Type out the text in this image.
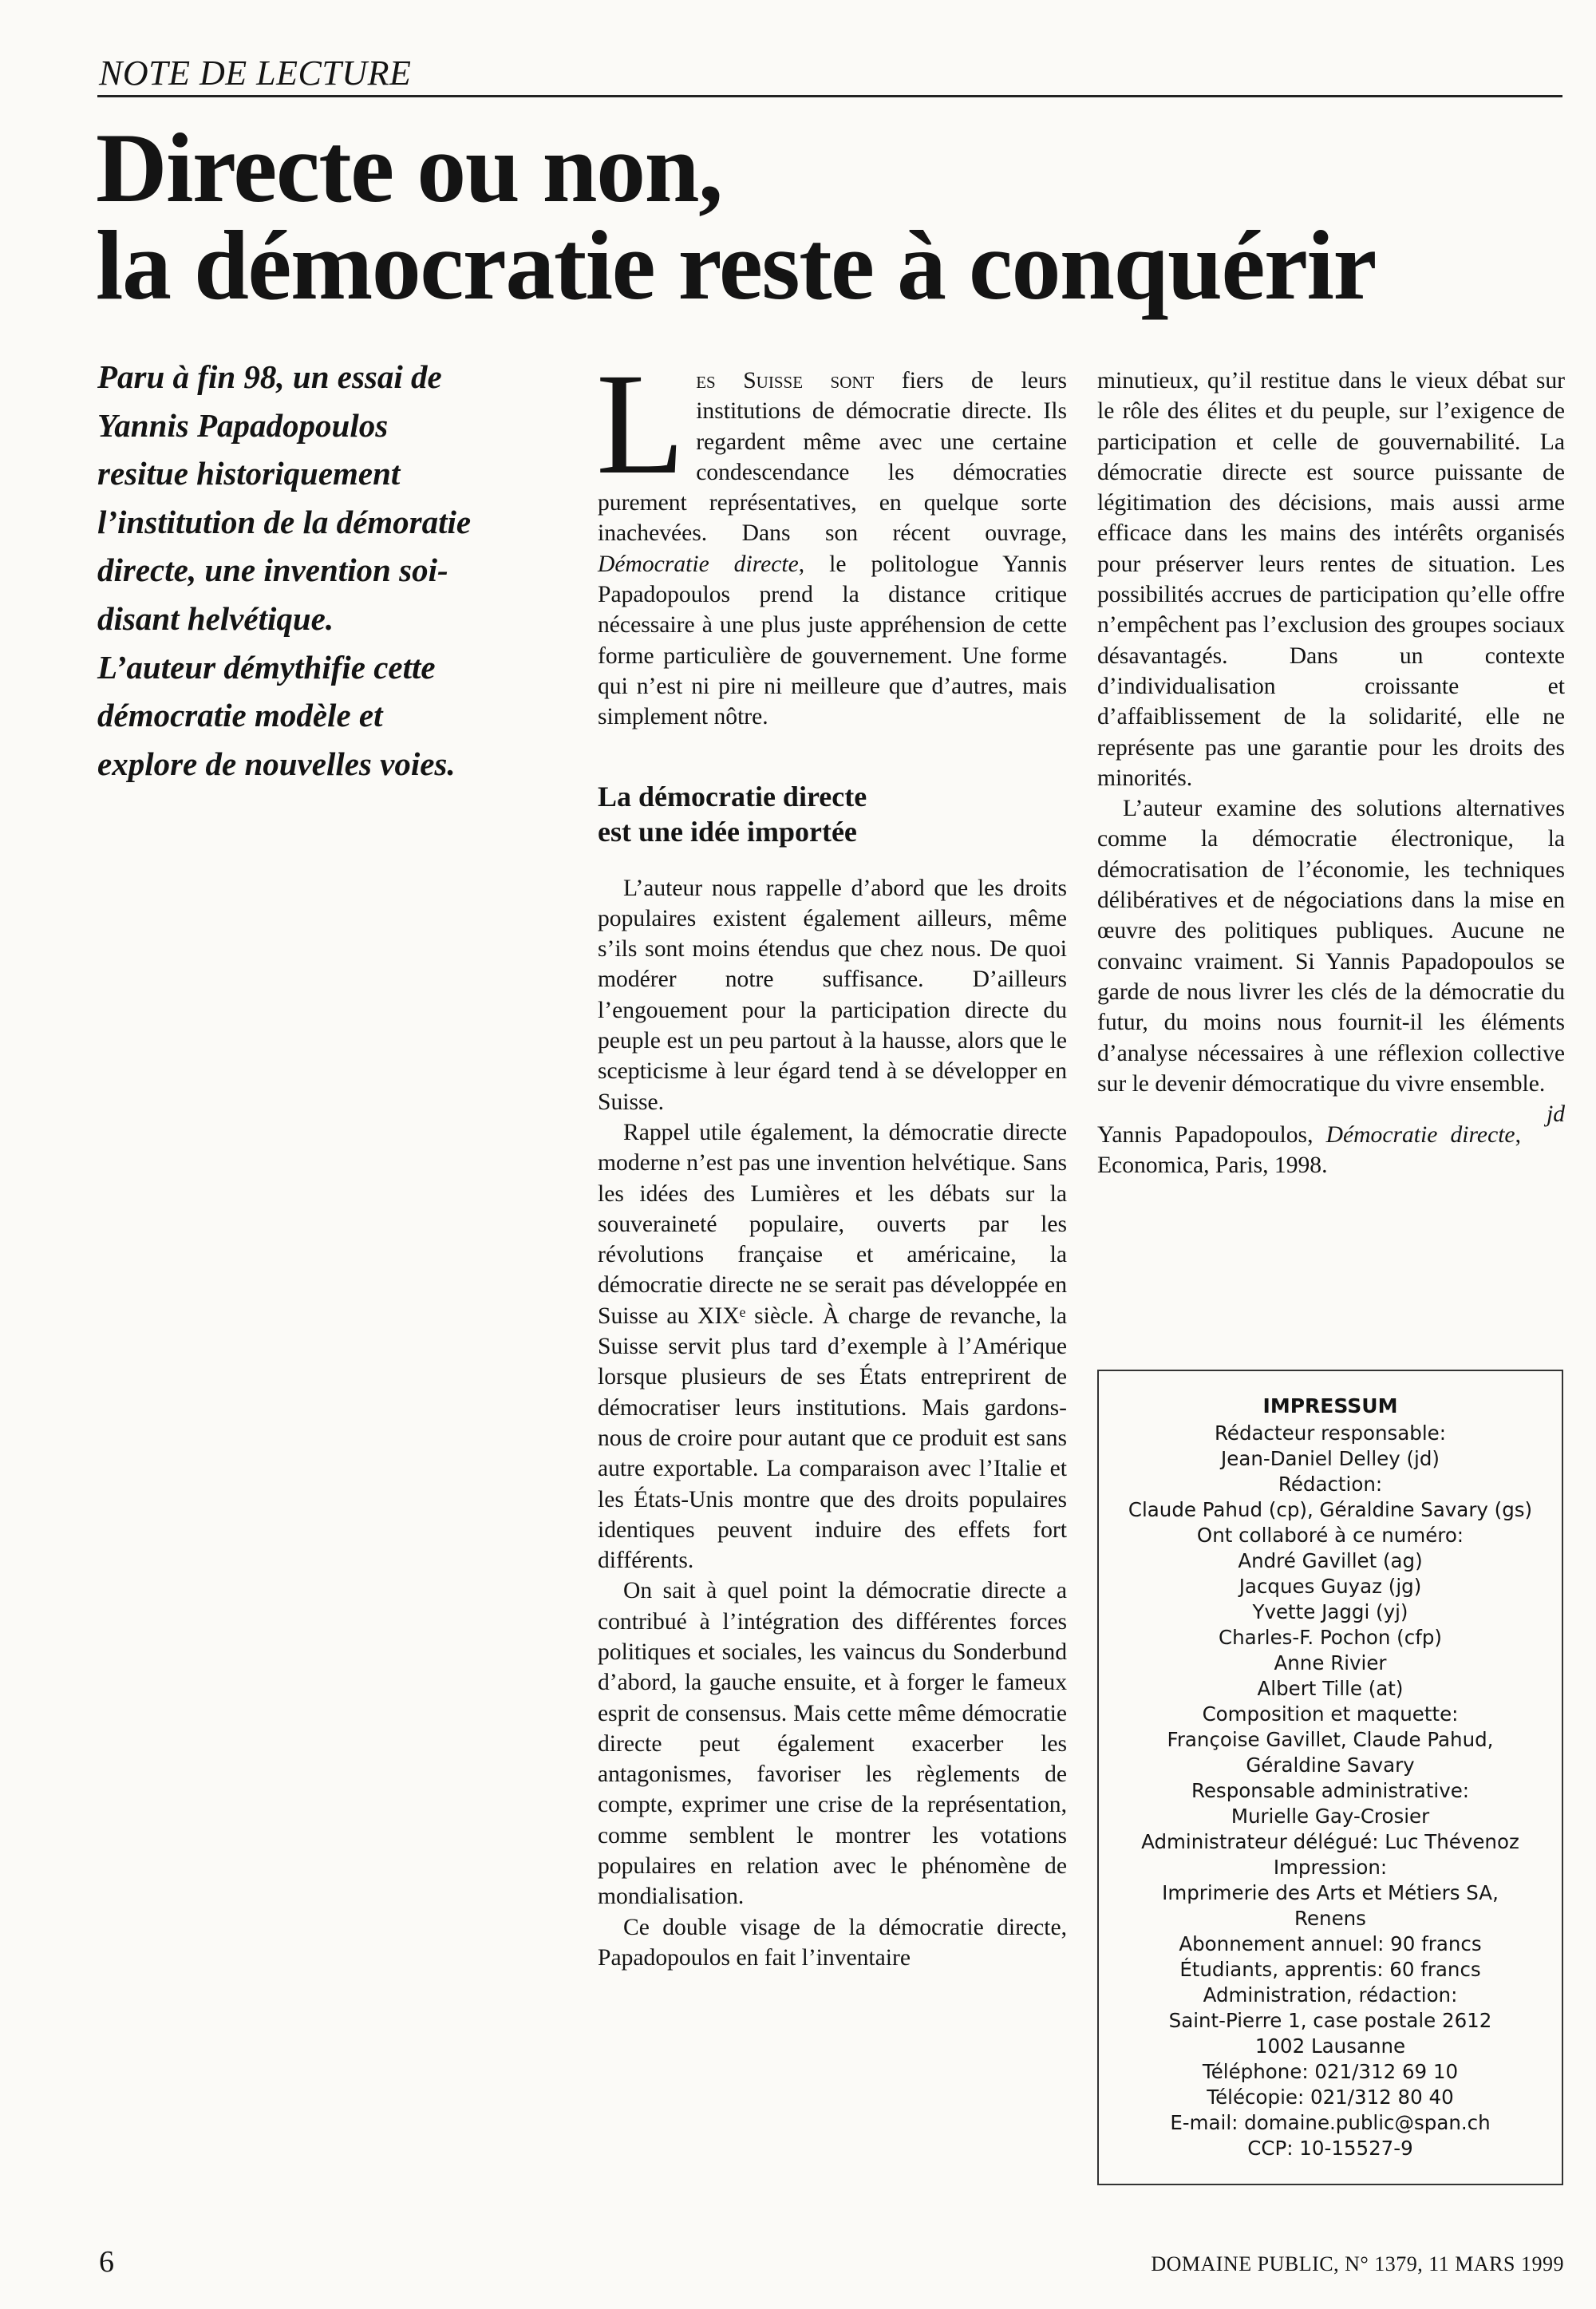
NOTE DE LECTURE
Directe ou non,
la démocratie reste à conquérir
Paru à fin 98, un essai de
Yannis Papadopoulos
resitue historiquement
l’institution de la démoratie
directe, une invention soi-
disant helvétique.
L’auteur démythifie cette
démocratie modèle et
explore de nouvelles voies.

Les Suisse sont fiers de leurs institutions de démocratie directe. Ils regardent même avec une certaine condescendance les démocraties purement représentatives, en quelque sorte inachevées. Dans son récent ouvrage, Démocratie directe, le politologue Yannis Papadopoulos prend la distance critique nécessaire à une plus juste appréhension de cette forme particulière de gouvernement. Une forme qui n’est ni pire ni meilleure que d’autres, mais simplement nôtre.

La démocratie directe
est une idée importée

L’auteur nous rappelle d’abord que les droits populaires existent également ailleurs, même s’ils sont moins étendus que chez nous. De quoi modérer notre suffisance. D’ailleurs l’engouement pour la participation directe du peuple est un peu partout à la hausse, alors que le scepticisme à leur égard tend à se développer en Suisse.

Rappel utile également, la démocratie directe moderne n’est pas une invention helvétique. Sans les idées des Lumières et les débats sur la souveraineté populaire, ouverts par les révolutions française et américaine, la démocratie directe ne se serait pas développée en Suisse au XIXᵉ siècle. À charge de revanche, la Suisse servit plus tard d’exemple à l’Amérique lorsque plusieurs de ses États entreprirent de démocratiser leurs institutions. Mais gardons-nous de croire pour autant que ce produit est sans autre exportable. La comparaison avec l’Italie et les États-Unis montre que des droits populaires identiques peuvent induire des effets fort différents.

On sait à quel point la démocratie directe a contribué à l’intégration des différentes forces politiques et sociales, les vaincus du Sonderbund d’abord, la gauche ensuite, et à forger le fameux esprit de consensus. Mais cette même démocratie directe peut également exacerber les antagonismes, favoriser les règlements de compte, exprimer une crise de la représentation, comme semblent le montrer les votations populaires en relation avec le phénomène de mondialisation.

Ce double visage de la démocratie directe, Papadopoulos en fait l’inventaire

minutieux, qu’il restitue dans le vieux débat sur le rôle des élites et du peuple, sur l’exigence de participation et celle de gouvernabilité. La démocratie directe est source puissante de légitimation des décisions, mais aussi arme efficace dans les mains des intérêts organisés pour préserver leurs rentes de situation. Les possibilités accrues de participation qu’elle offre n’empêchent pas l’exclusion des groupes sociaux désavantagés. Dans un contexte d’individualisation croissante et d’affaiblissement de la solidarité, elle ne représente pas une garantie pour les droits des minorités.

L’auteur examine des solutions alternatives comme la démocratie électronique, la démocratisation de l’économie, les techniques délibératives et de négociations dans la mise en œuvre des politiques publiques. Aucune ne convainc vraiment. Si Yannis Papadopoulos se garde de nous livrer les clés de la démocratie du futur, du moins nous fournit-il les éléments d’analyse nécessaires à une réflexion collective sur le devenir démocratique du vivre ensemble.
jd

Yannis Papadopoulos, Démocratie directe, Economica, Paris, 1998.

IMPRESSUM
Rédacteur responsable:
Jean-Daniel Delley (jd)
Rédaction:
Claude Pahud (cp), Géraldine Savary (gs)
Ont collaboré à ce numéro:
André Gavillet (ag)
Jacques Guyaz (jg)
Yvette Jaggi (yj)
Charles-F. Pochon (cfp)
Anne Rivier
Albert Tille (at)
Composition et maquette:
Françoise Gavillet, Claude Pahud,
Géraldine Savary
Responsable administrative:
Murielle Gay-Crosier
Administrateur délégué: Luc Thévenoz
Impression:
Imprimerie des Arts et Métiers SA,
Renens
Abonnement annuel: 90 francs
Étudiants, apprentis: 60 francs
Administration, rédaction:
Saint-Pierre 1, case postale 2612
1002 Lausanne
Téléphone: 021/312 69 10
Télécopie: 021/312 80 40
E-mail: domaine.public@span.ch
CCP: 10-15527-9
6	DOMAINE PUBLIC, N° 1379, 11 MARS 1999
